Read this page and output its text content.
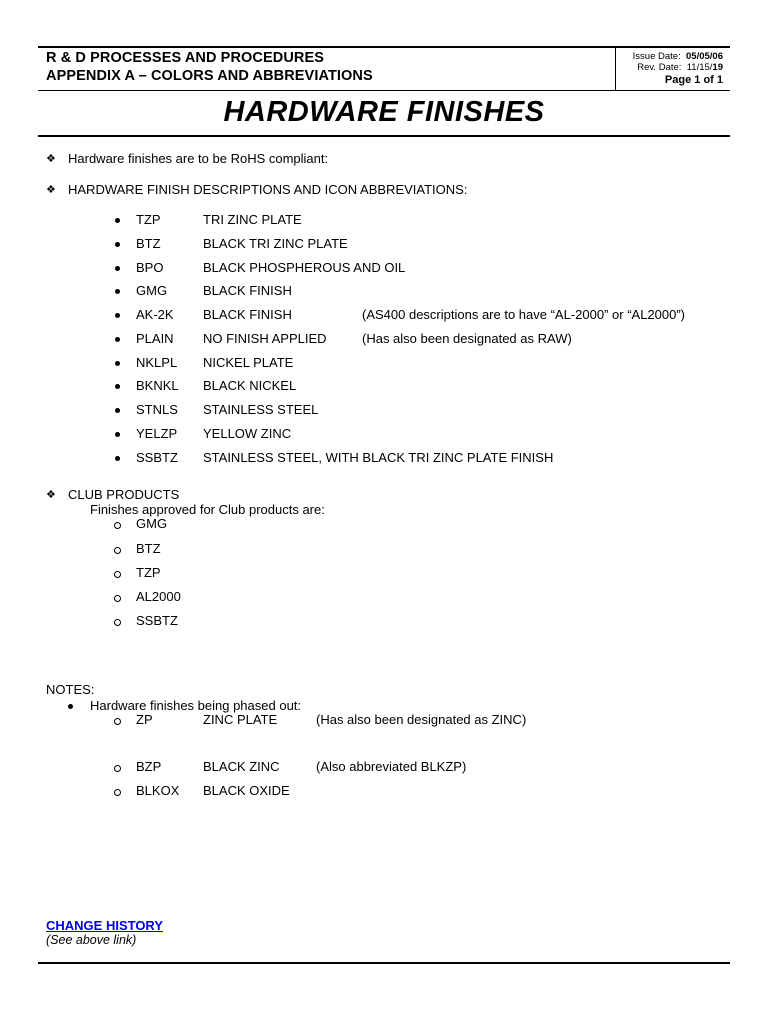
R & D PROCESSES AND PROCEDURES
APPENDIX A – COLORS AND ABBREVIATIONS
Issue Date: 05/05/06
Rev. Date: 11/15/19
Page 1 of 1
HARDWARE FINISHES
❖ Hardware finishes are to be RoHS compliant:
❖ HARDWARE FINISH DESCRIPTIONS AND ICON ABBREVIATIONS:
TZP	TRI ZINC PLATE
BTZ	BLACK TRI ZINC PLATE
BPO	BLACK PHOSPHEROUS AND OIL
GMG	BLACK FINISH
AK-2K BLACK FINISH	(AS400 descriptions are to have “AL-2000” or “AL2000”)
PLAIN NO FINISH APPLIED	(Has also been designated as RAW)
NKLPL NICKEL PLATE
BKNKL BLACK NICKEL
STNLS STAINLESS STEEL
YELZP YELLOW ZINC
SSBTZ STAINLESS STEEL, WITH BLACK TRI ZINC PLATE FINISH
❖ CLUB PRODUCTS
Finishes approved for Club products are:
GMG
BTZ
TZP
AL2000
SSBTZ
NOTES:
Hardware finishes being phased out:
ZP	ZINC PLATE	(Has also been designated as ZINC)
BZP	BLACK ZINC	(Also abbreviated BLKZP)
BLKOX BLACK OXIDE
CHANGE HISTORY
(See above link)
